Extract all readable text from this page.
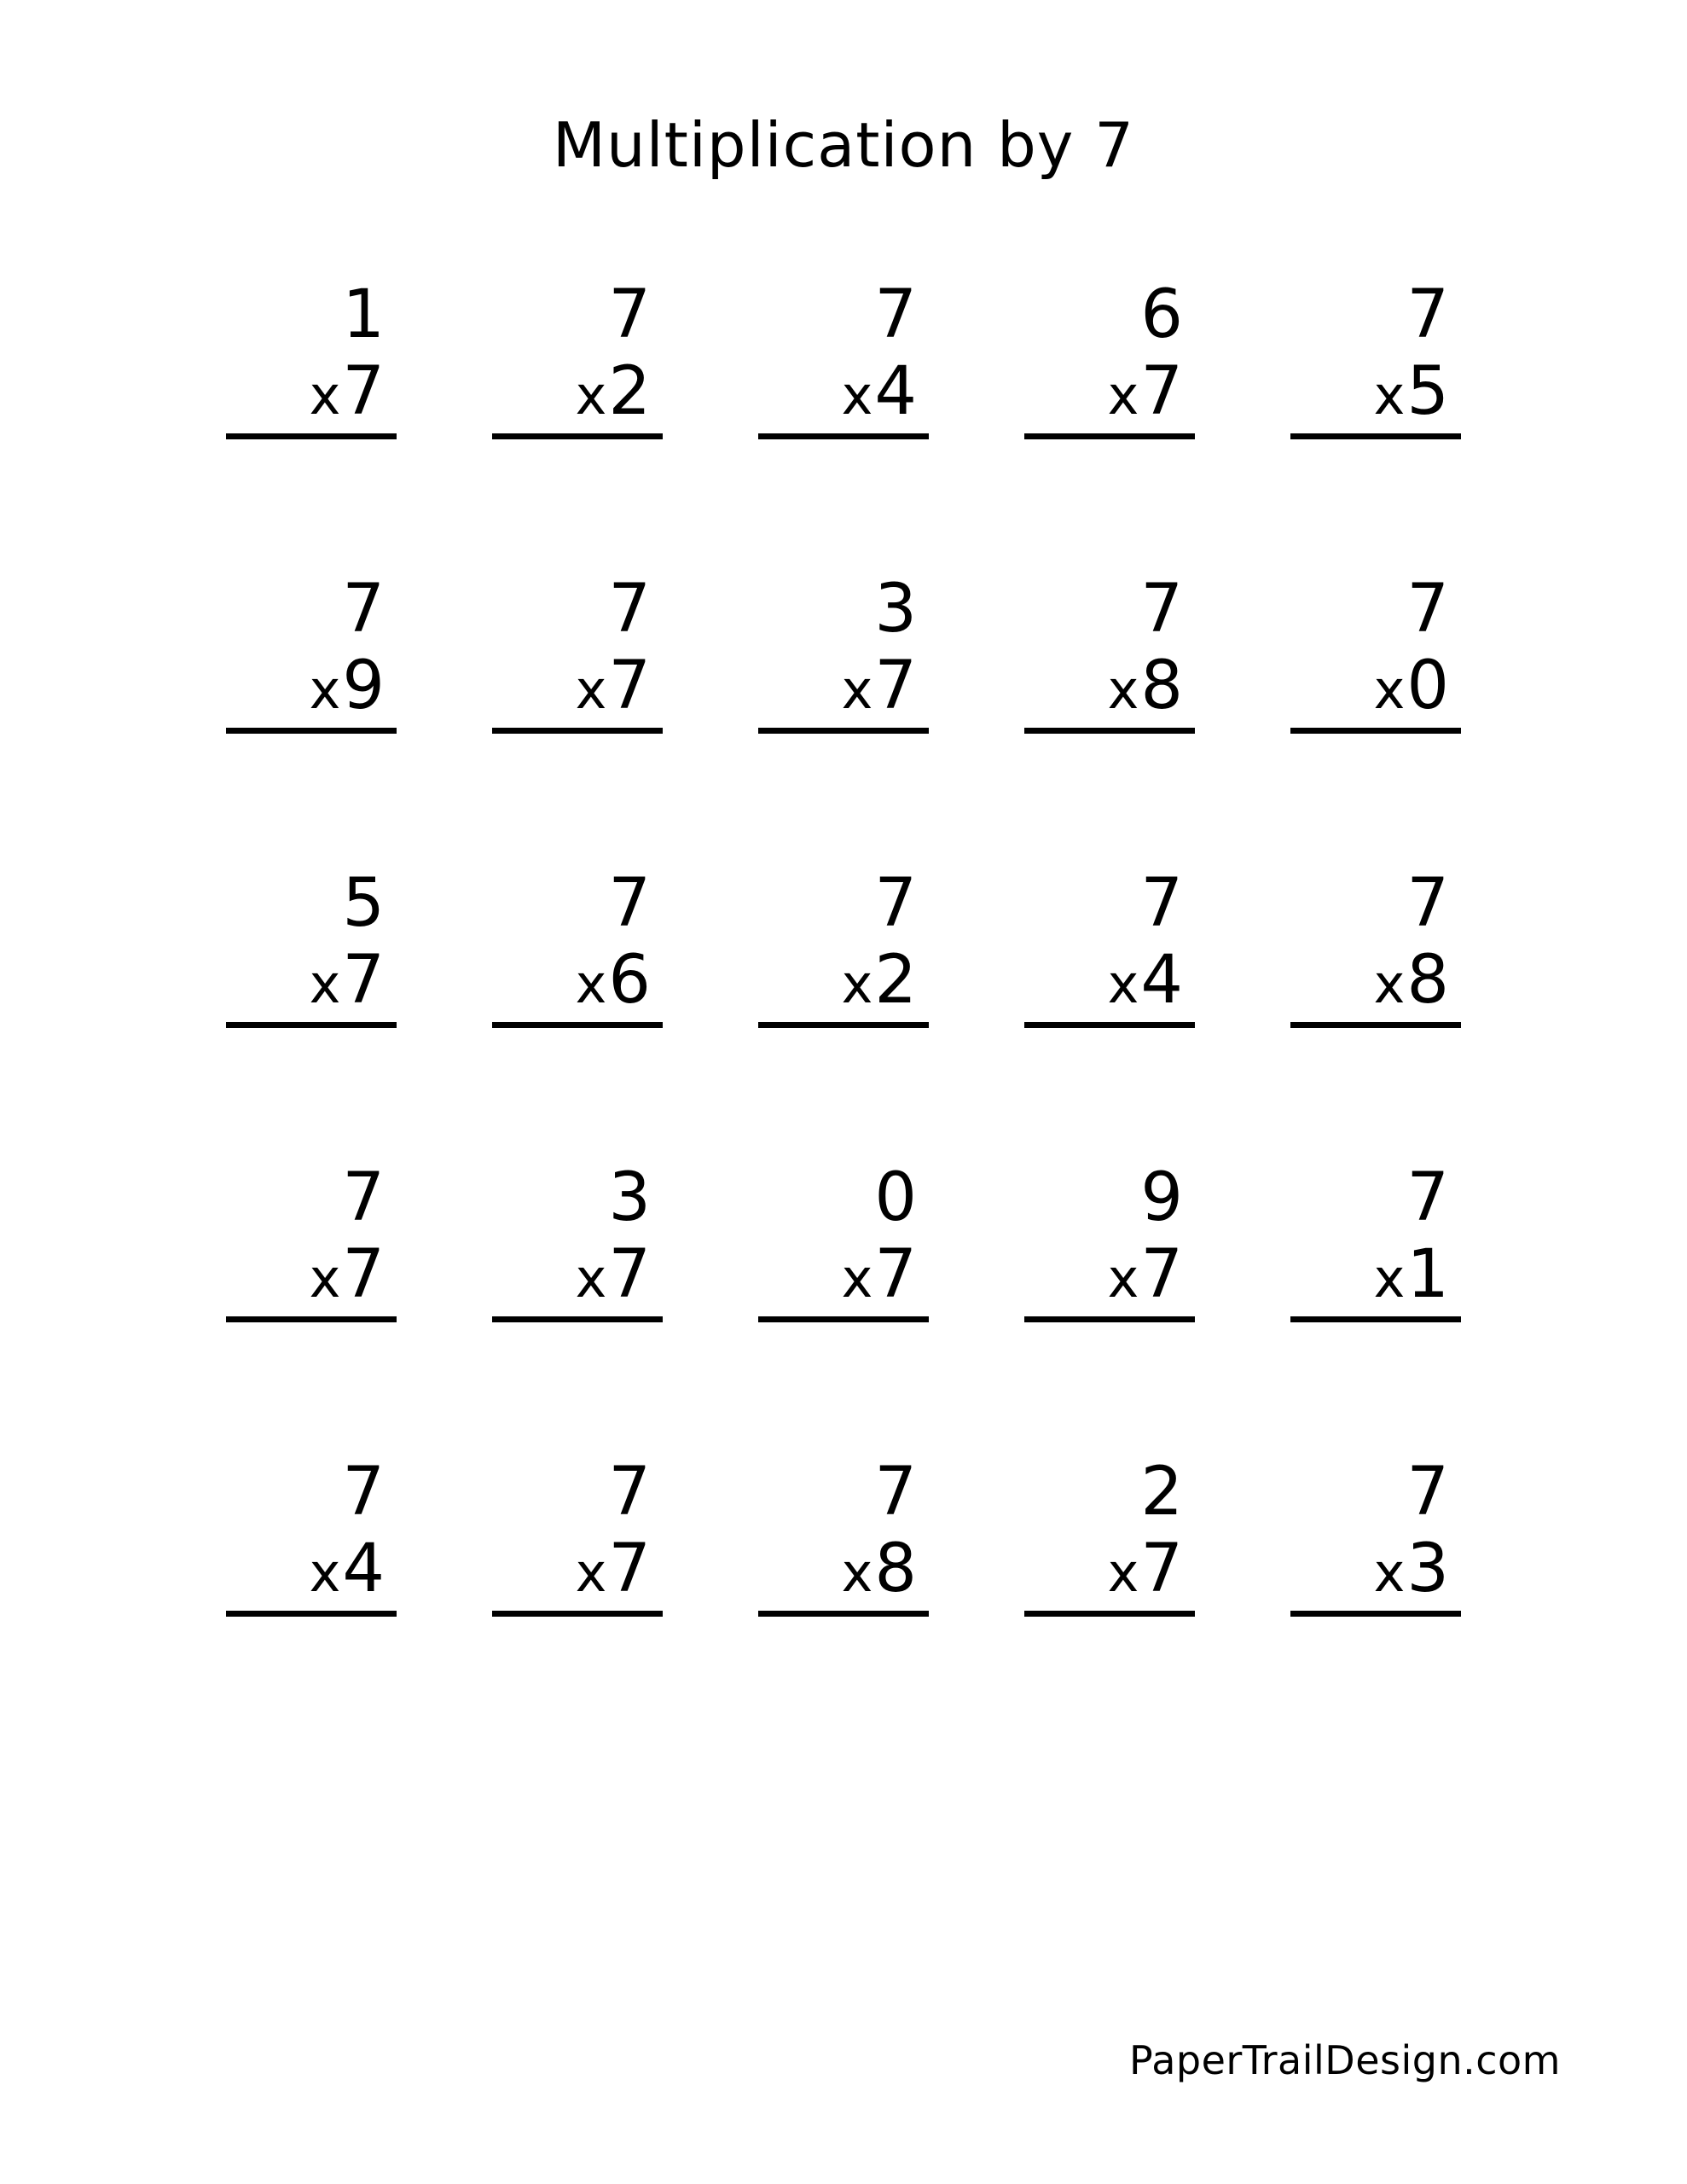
Multiplication by 7
1
x 7
7
x 2
7
x 4
6
x 7
7
x 5
7
x 9
7
x 7
3
x 7
7
x 8
7
x 0
5
x 7
7
x 6
7
x 2
7
x 4
7
x 8
7
x 7
3
x 7
0
x 7
9
x 7
7
x 1
7
x 4
7
x 7
7
x 8
2
x 7
7
x 3
PaperTrailDesign.com
